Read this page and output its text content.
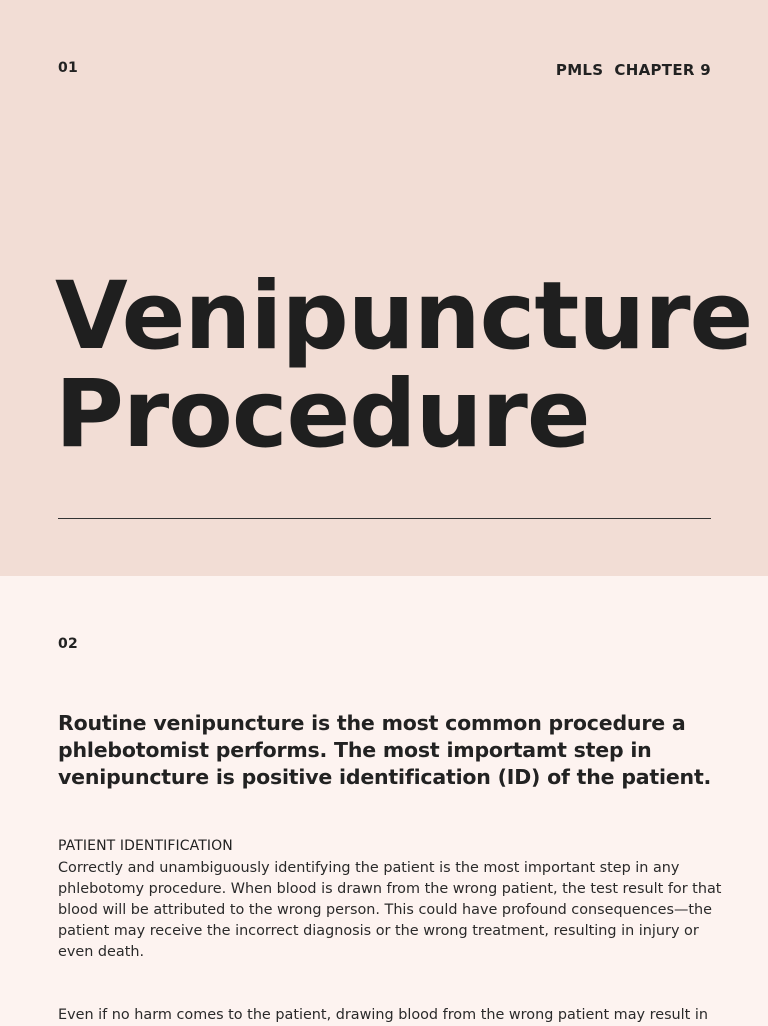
01	PMLS  CHAPTER 9
Venipuncture
Procedure
02

Routine venipuncture is the most common procedure a phlebotomist performs. The most importamt step in venipuncture is positive identification (ID) of the patient.

PATIENT IDENTIFICATION

Correctly and unambiguously identifying the patient is the most important step in any phlebotomy procedure. When blood is drawn from the wrong patient, the test result for that blood will be attributed to the wrong person. This could have profound consequences—the patient may receive the incorrect diagnosis or the wrong treatment, resulting in injury or even death.

Even if no harm comes to the patient, drawing blood from the wrong patient may result in
